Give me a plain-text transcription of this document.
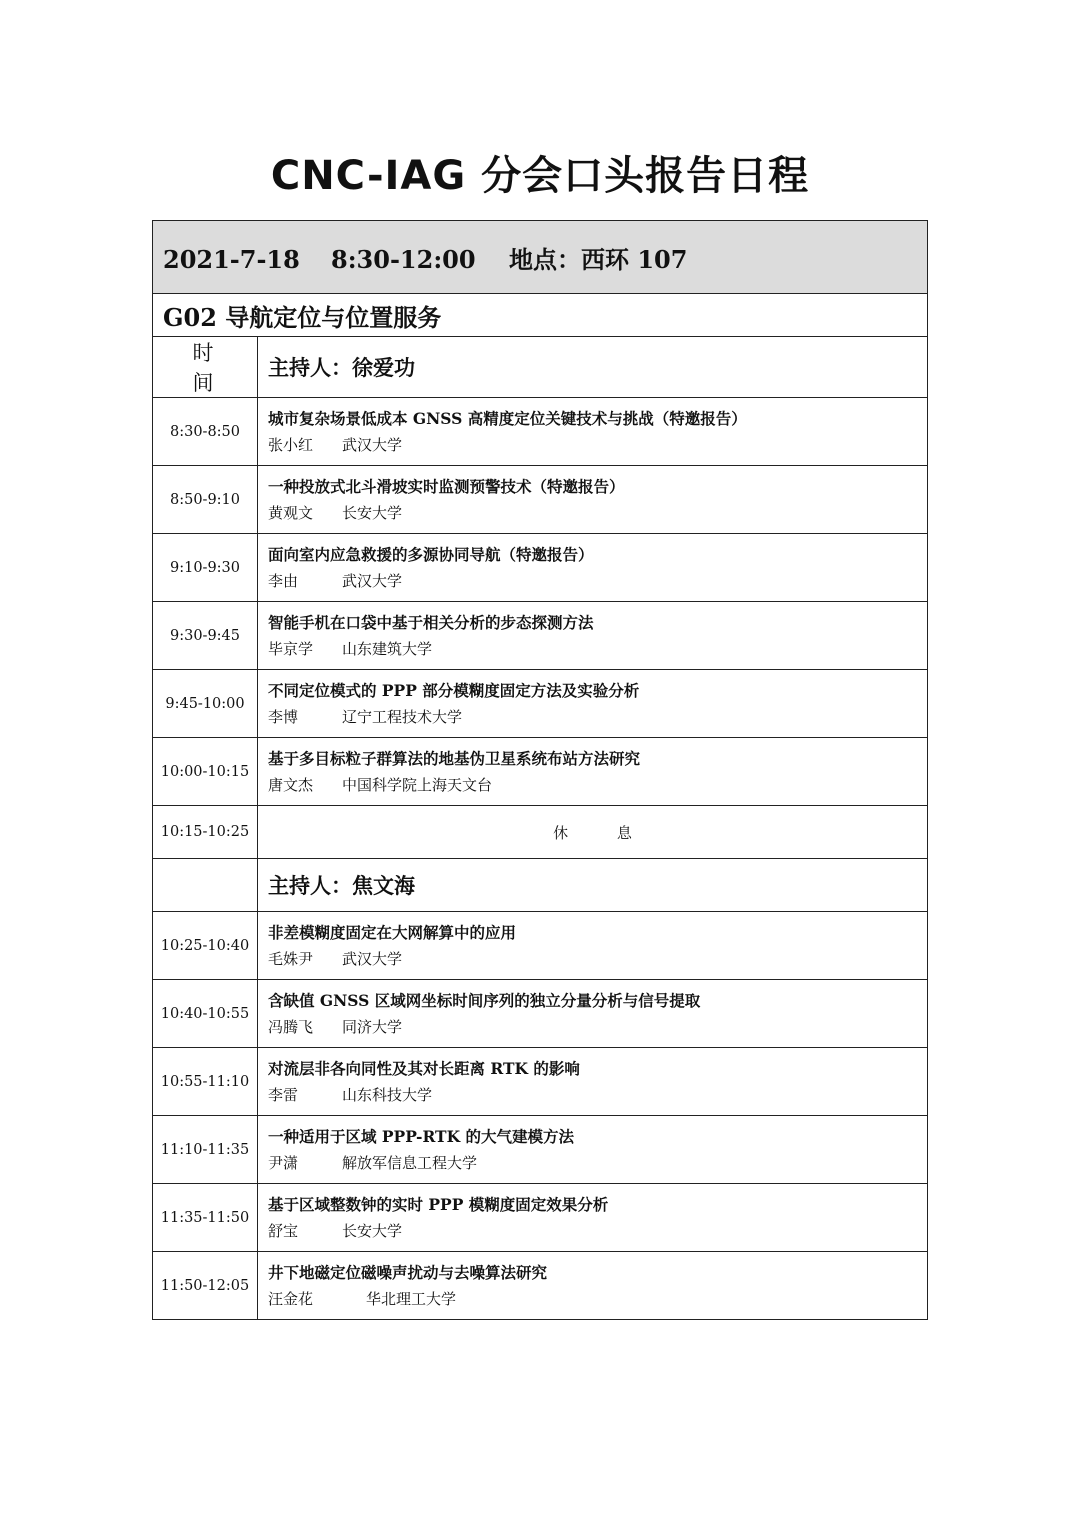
CNC-IAG 分会口头报告日程
2021-7-18 8:30-12:00 地点：西环 107	
G02 导航定位与位置服务	
时 间	主持人：徐爱功
8:30-8:50	城市复杂场景低成本 GNSS 高精度定位关键技术与挑战（特邀报告）
张小红 武汉大学

8:50-9:10	一种投放式北斗滑坡实时监测预警技术（特邀报告）
黄观文 长安大学

9:10-9:30	面向室内应急救援的多源协同导航（特邀报告）
李由 武汉大学

9:30-9:45	智能手机在口袋中基于相关分析的步态探测方法
毕京学 山东建筑大学

9:45-10:00	不同定位模式的 PPP 部分模糊度固定方法及实验分析
李博 辽宁工程技术大学

10:00-10:15	基于多目标粒子群算法的地基伪卫星系统布站方法研究
唐文杰 中国科学院上海天文台

10:15-10:25	休 息
	主持人：焦文海
10:25-10:40	非差模糊度固定在大网解算中的应用
毛姝尹 武汉大学

10:40-10:55	含缺值 GNSS 区域网坐标时间序列的独立分量分析与信号提取
冯腾飞 同济大学

10:55-11:10	对流层非各向同性及其对长距离 RTK 的影响
李雷 山东科技大学

11:10-11:35	一种适用于区域 PPP-RTK 的大气建模方法
尹潇 解放军信息工程大学

11:35-11:50	基于区域整数钟的实时 PPP 模糊度固定效果分析
舒宝 长安大学

11:50-12:05	井下地磁定位磁噪声扰动与去噪算法研究
汪金花 华北理工大学
